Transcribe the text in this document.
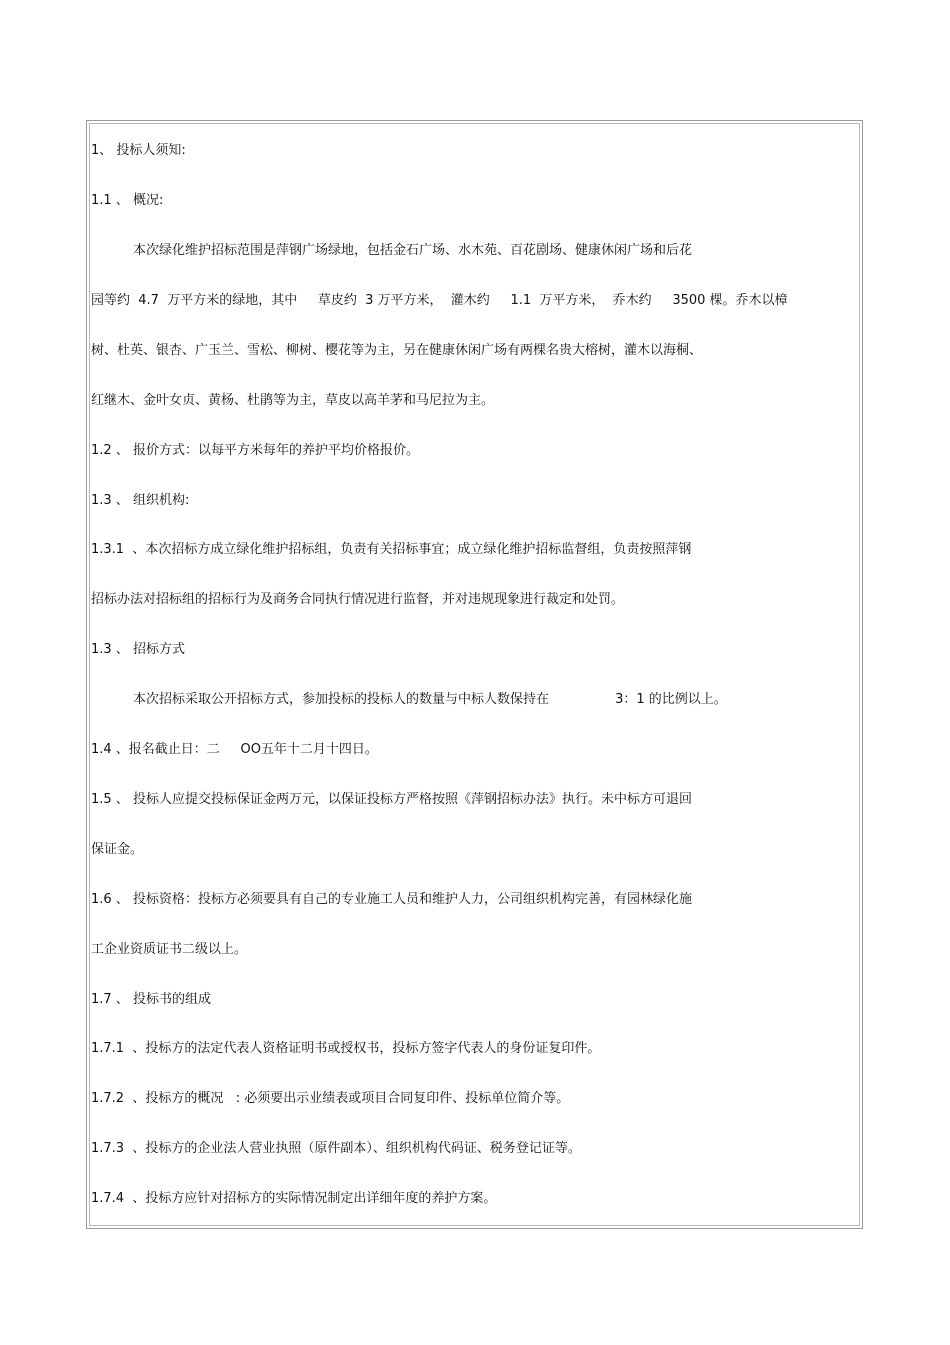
1、 投标人须知:
1.1 、 概况:
本次绿化维护招标范围是萍钢广场绿地，包括金石广场、水木苑、百花剧场、健康休闲广场和后花
园等约  4.7  万平方米的绿地，其中     草皮约  3 万平方米，  灌木约     1.1  万平方米，  乔木约     3500 棵。乔木以樟
树、杜英、银杏、广玉兰、雪松、柳树、樱花等为主，另在健康休闲广场有两棵名贵大榕树，灌木以海桐、
红继木、金叶女贞、黄杨、杜鹃等为主，草皮以高羊茅和马尼拉为主。
1.2 、 报价方式：以每平方米每年的养护平均价格报价。
1.3 、 组织机构:
1.3.1  、本次招标方成立绿化维护招标组，负责有关招标事宜；成立绿化维护招标监督组，负责按照萍钢
招标办法对招标组的招标行为及商务合同执行情况进行监督，并对违规现象进行裁定和处罚。
1.3 、 招标方式
本次招标采取公开招标方式，参加投标的投标人的数量与中标人数保持在                3：1 的比例以上。
1.4 、报名截止日：二     OO五年十二月十四日。
1.5 、 投标人应提交投标保证金两万元，以保证投标方严格按照《萍钢招标办法》执行。未中标方可退回
保证金。
1.6 、 投标资格：投标方必须要具有自己的专业施工人员和维护人力，公司组织机构完善，有园林绿化施
工企业资质证书二级以上。
1.7 、 投标书的组成
1.7.1  、投标方的法定代表人资格证明书或授权书，投标方签字代表人的身份证复印件。
1.7.2  、投标方的概况   : 必须要出示业绩表或项目合同复印件、投标单位简介等。
1.7.3  、投标方的企业法人营业执照（原件副本）、组织机构代码证、税务登记证等。
1.7.4  、投标方应针对招标方的实际情况制定出详细年度的养护方案。
